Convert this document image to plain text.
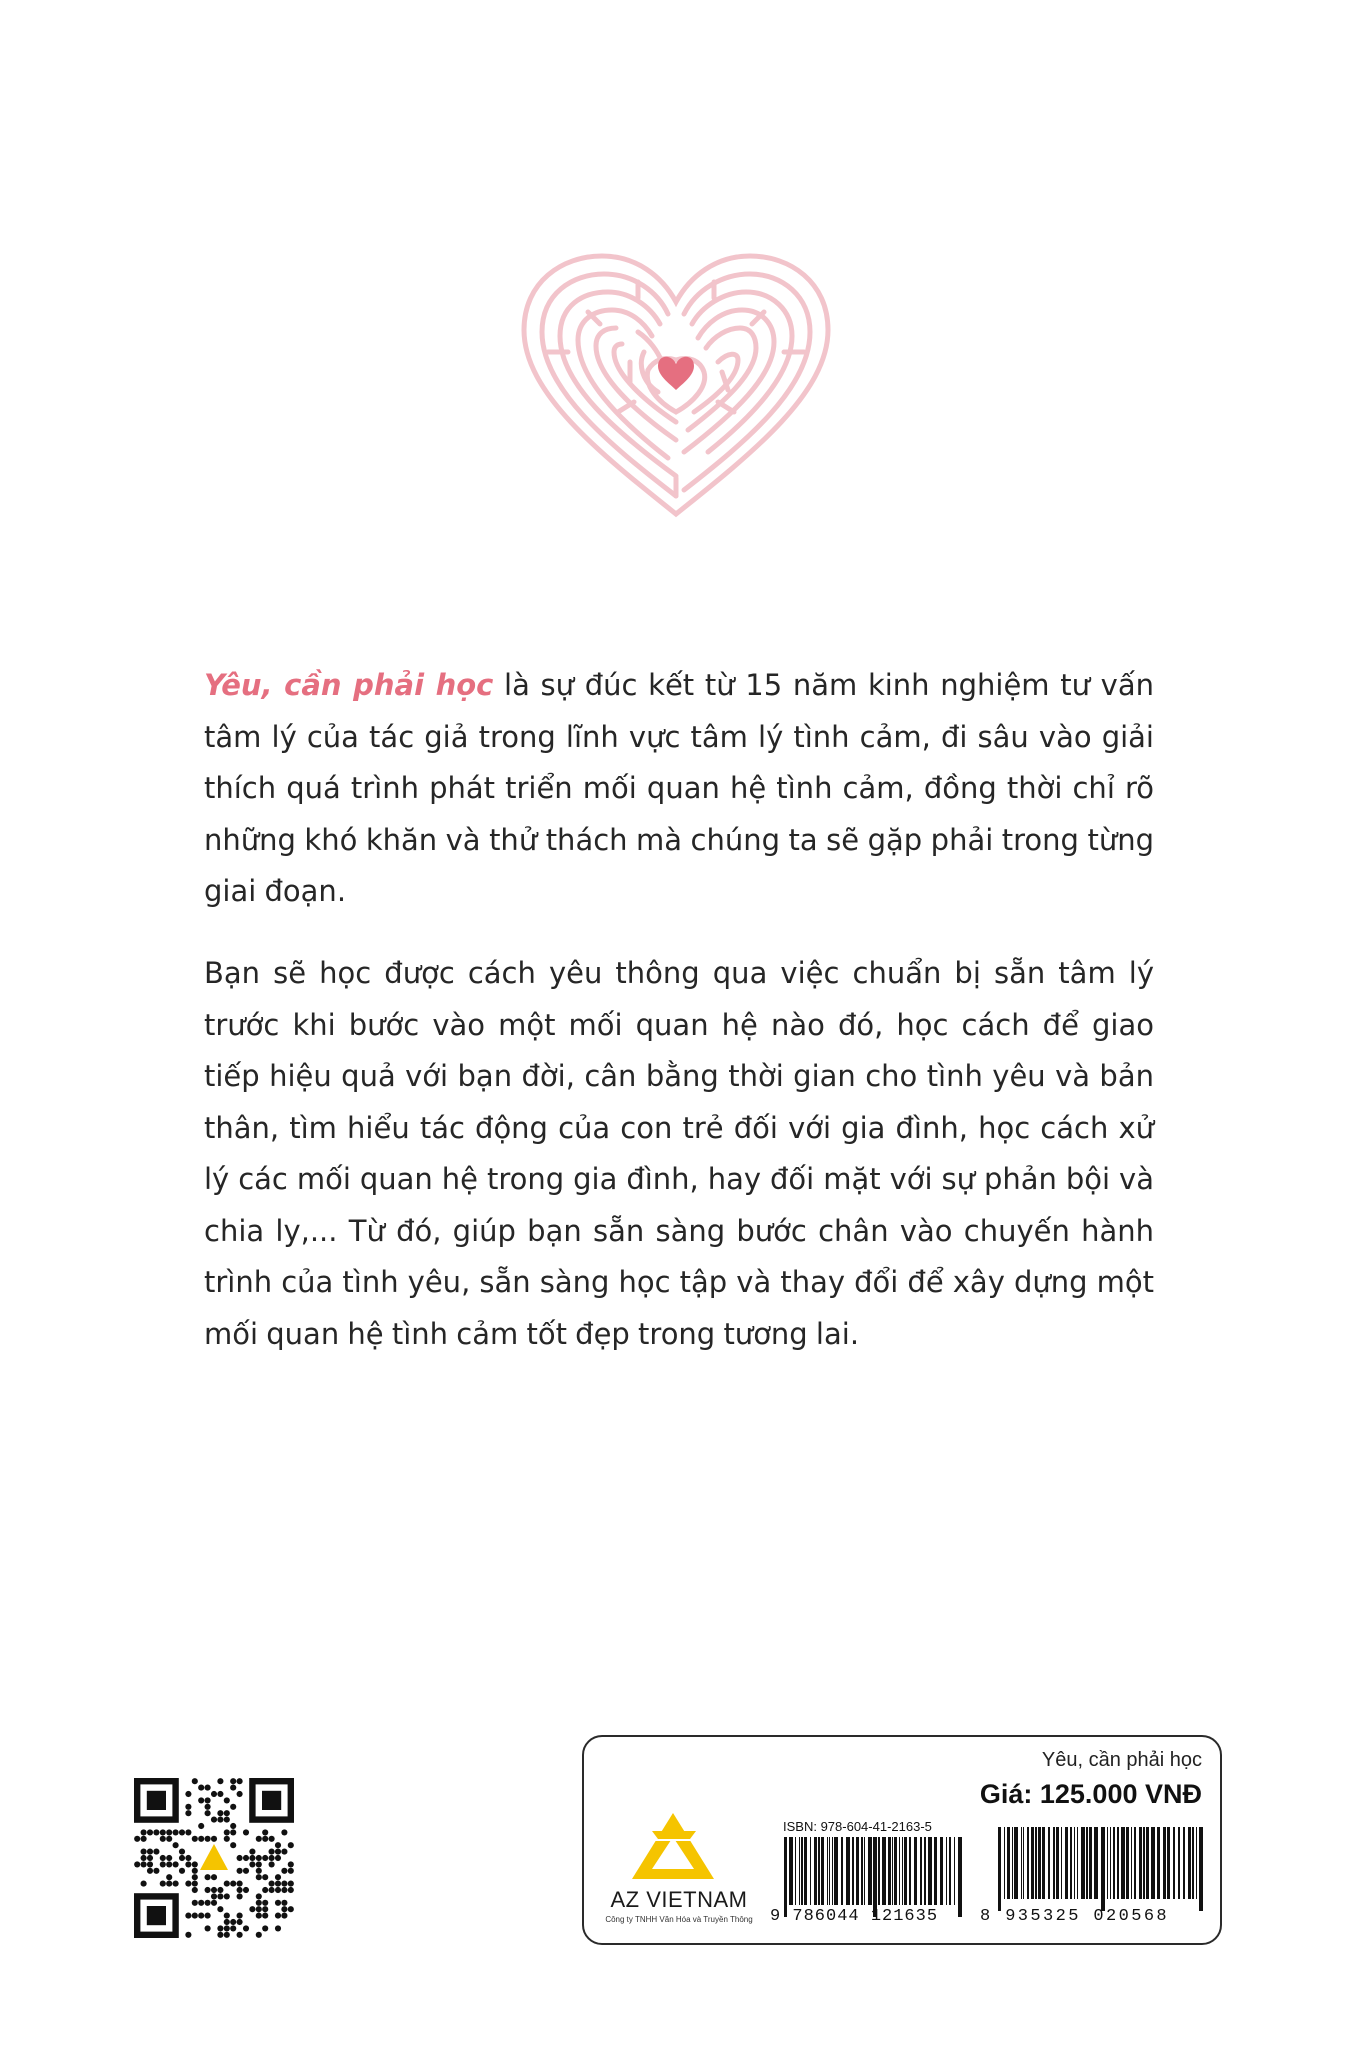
Yêu, cần phải học là sự đúc kết từ 15 năm kinh nghiệm tư vấn tâm lý của tác giả trong lĩnh vực tâm lý tình cảm, đi sâu vào giải thích quá trình phát triển mối quan hệ tình cảm, đồng thời chỉ rõ những khó khăn và thử thách mà chúng ta sẽ gặp phải trong từng giai đoạn.

Bạn sẽ học được cách yêu thông qua việc chuẩn bị sẵn tâm lý trước khi bước vào một mối quan hệ nào đó, học cách để giao tiếp hiệu quả với bạn đời, cân bằng thời gian cho tình yêu và bản thân, tìm hiểu tác động của con trẻ đối với gia đình, học cách xử lý các mối quan hệ trong gia đình, hay đối mặt với sự phản bội và chia ly,... Từ đó, giúp bạn sẵn sàng bước chân vào chuyến hành trình của tình yêu, sẵn sàng học tập và thay đổi để xây dựng một mối quan hệ tình cảm tốt đẹp trong tương lai.

Yêu, cần phải học
Giá: 125.000 VNĐ
AZ VIETNAM
Công ty TNHH Văn Hóa và Truyền Thông
ISBN: 978-604-41-2163-5
9 786044 121635 8 935325 020568
